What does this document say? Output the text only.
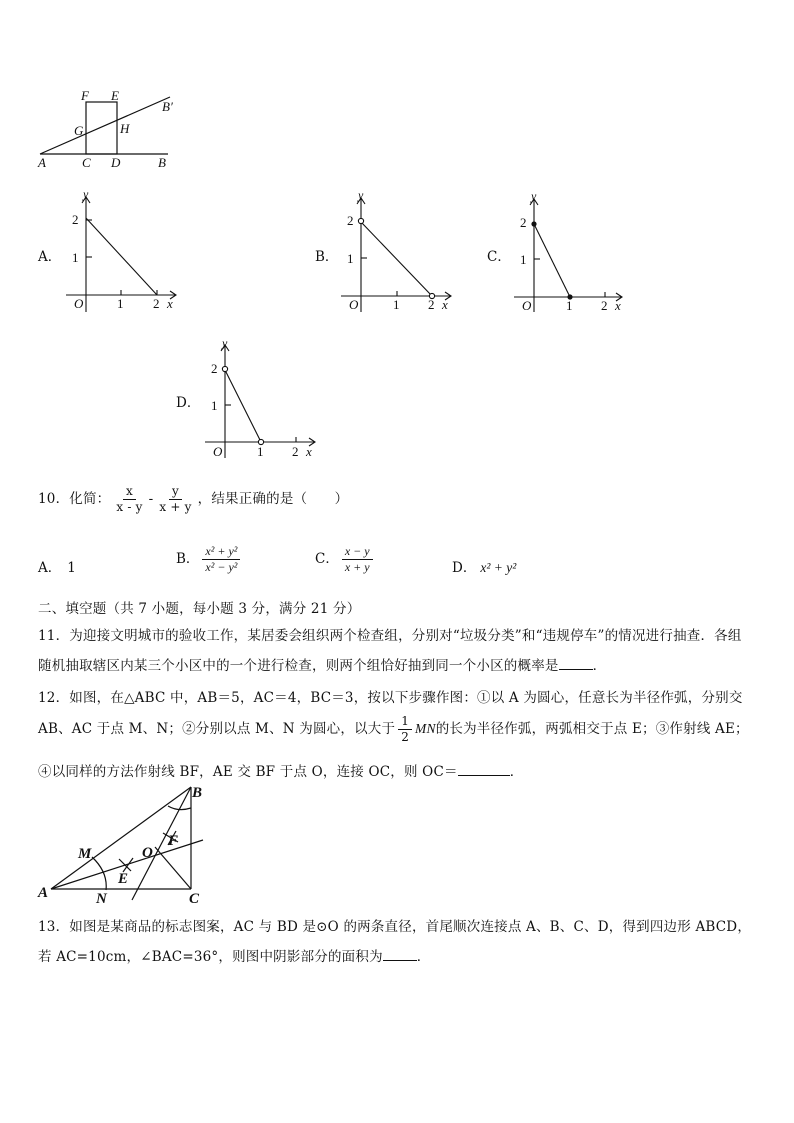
F E
B′
G	H
A	C D	B
A．	B．	C．
D．
y
2
1
O	1 2 x
y
2
1
O	1 2 x
y
2
1
O	1 2 x
y
2
1
O	1 2 x
10．化简： $\frac{x}{x - y} - \frac{y}{x + y}$ ，结果正确的是（　　）
A． 1
B． $\frac{\text{x² + y²}}{\text{x² − y²}}$	C． $\frac{x - y}{x + y}$	D． x² + y²
二、填空题（共 7 小题，每小题 3 分，满分 21 分）
11．为迎接文明城市的验收工作，某居委会组织两个检查组，分别对“垃圾分类”和“违规停车”的情况进行抽查．各组
随机抽取辖区内某三个小区中的一个进行检查，则两个组恰好抽到同一个小区的概率是	．
12．如图，在△ABC 中，AB＝5，AC＝4，BC＝3，按以下步骤作图：①以 A 为圆心，任意长为半径作弧，分别交
AB、AC 于点 M、N；②分别以点 M、N 为圆心，以大于 $\frac{1}{2}$ MN的长为半径作弧，两弧相交于点 E；③作射线 AE；
④以同样的方法作射线 BF，AE 交 BF 于点 O，连接 OC，则 OC＝	．
B
F
M	O
E
A	N	C
13．如图是某商品的标志图案，AC 与 BD 是⊙O 的两条直径，首尾顺次连接点 A、B、C、D，得到四边形 ABCD，
若 AC=10cm，∠BAC=36°，则图中阴影部分的面积为	．
